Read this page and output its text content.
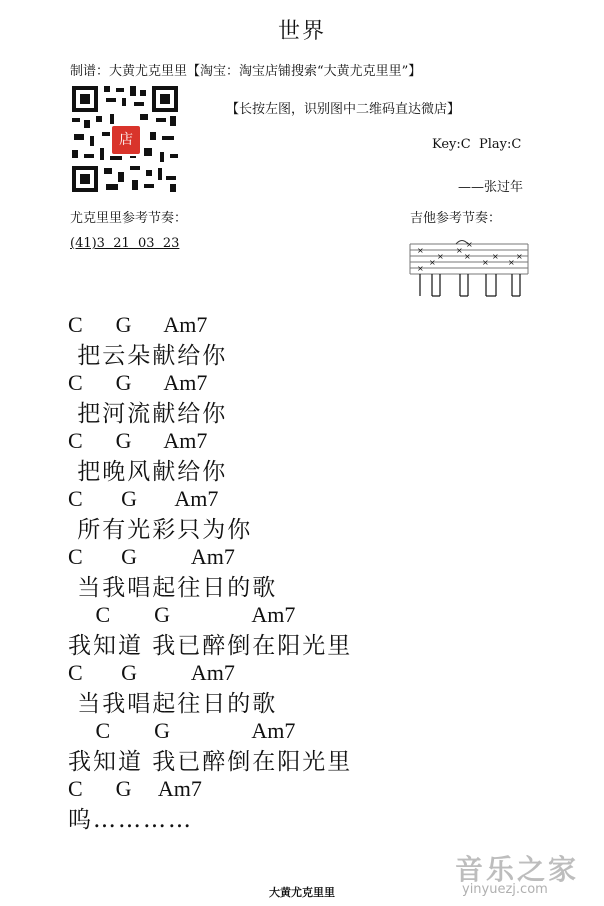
世界
制谱：大黄尤克里里【淘宝：淘宝店铺搜索“大黄尤克里里”】
店
【长按左图，识别图中二维码直达微店】
Key:C  Play:C
——张过年
尤克里里参考节奏：	吉他参考节奏：
(41)3  21  03  23	×
×
×
×
×
×
×
×
×
×
×
C      G      Am7
把云朵献给你
C      G      Am7
把河流献给你
C      G      Am7
把晚风献给你
C       G       Am7
所有光彩只为你
C       G          Am7
当我唱起往日的歌
C        G               Am7
我知道 我已醉倒在阳光里
C       G          Am7
当我唱起往日的歌
C        G               Am7
我知道 我已醉倒在阳光里
C      G     Am7
呜…………
音乐之家
yinyuezj.com
大黄尤克里里
